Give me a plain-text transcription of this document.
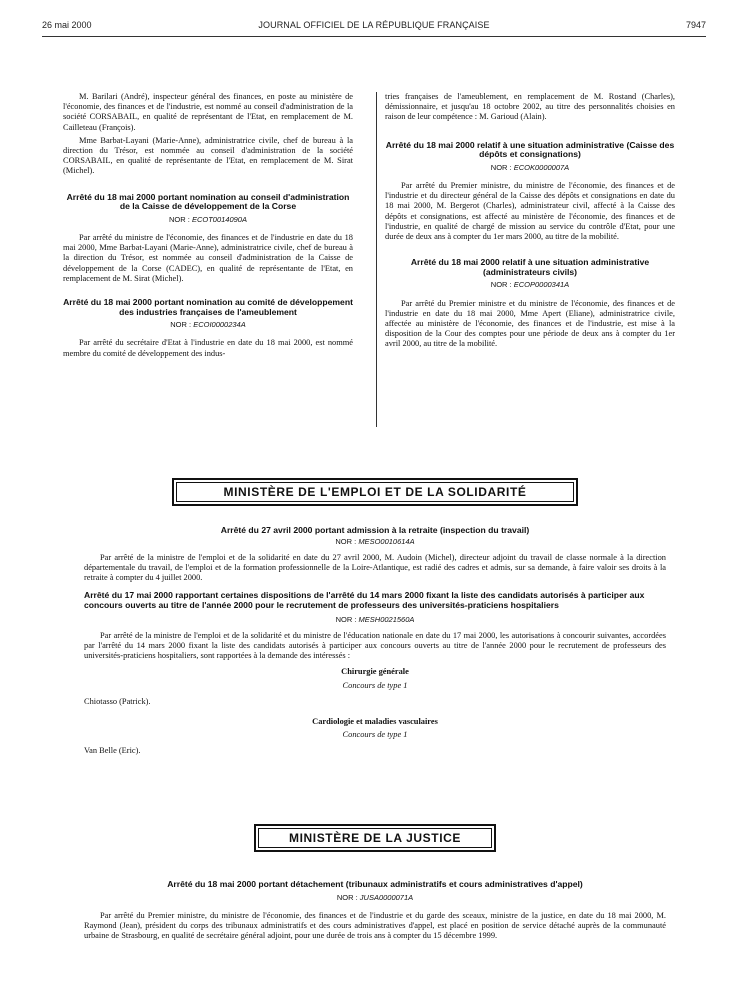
26 mai 2000	JOURNAL OFFICIEL DE LA RÉPUBLIQUE FRANÇAISE	7947

M. Barilari (André), inspecteur général des finances, en poste au ministère de l'économie, des finances et de l'industrie, est nommé au conseil d'administration de la société CORSABAIL, en qualité de représentant de l'Etat, en remplacement de M. Cailleteau (François).

Mme Barbat-Layani (Marie-Anne), administratrice civile, chef de bureau à la direction du Trésor, est nommée au conseil d'administration de la société CORSABAIL, en qualité de représentante de l'Etat, en remplacement de M. Sirat (Michel).

Arrêté du 18 mai 2000 portant nomination au conseil d'administration de la Caisse de développement de la Corse
NOR : ECOT0014090A

Par arrêté du ministre de l'économie, des finances et de l'industrie en date du 18 mai 2000, Mme Barbat-Layani (Marie-Anne), administratrice civile, chef de bureau à la direction du Trésor, est nommée au conseil d'administration de la Caisse de développement de la Corse (CADEC), en qualité de représentante de l'Etat, en remplacement de M. Sirat (Michel).

Arrêté du 18 mai 2000 portant nomination au comité de développement des industries françaises de l'ameublement
NOR : ECOI0000234A

Par arrêté du secrétaire d'Etat à l'industrie en date du 18 mai 2000, est nommé membre du comité de développement des indus-

tries françaises de l'ameublement, en remplacement de M. Rostand (Charles), démissionnaire, et jusqu'au 18 octobre 2002, au titre des personnalités choisies en raison de leur compétence : M. Garioud (Alain).

Arrêté du 18 mai 2000 relatif à une situation administrative (Caisse des dépôts et consignations)
NOR : ECOK0000007A

Par arrêté du Premier ministre, du ministre de l'économie, des finances et de l'industrie et du directeur général de la Caisse des dépôts et consignations en date du 18 mai 2000, M. Bergerot (Charles), administrateur civil, affecté à la Caisse des dépôts et consignations, est affecté au ministère de l'économie, des finances et de l'industrie, en qualité de chargé de mission au service du contrôle d'Etat, pour une durée de deux ans à compter du 1er mars 2000, au titre de la mobilité.

Arrêté du 18 mai 2000 relatif à une situation administrative (administrateurs civils)
NOR : ECOP0000341A

Par arrêté du Premier ministre et du ministre de l'économie, des finances et de l'industrie en date du 18 mai 2000, Mme Apert (Eliane), administratrice civile, affectée au ministère de l'économie, des finances et de l'industrie, est mise à la disposition de la Cour des comptes pour une période de deux ans à compter du 1er avril 2000, au titre de la mobilité.

MINISTÈRE DE L'EMPLOI ET DE LA SOLIDARITÉ
Arrêté du 27 avril 2000 portant admission à la retraite (inspection du travail)
NOR : MESO0010614A

Par arrêté de la ministre de l'emploi et de la solidarité en date du 27 avril 2000, M. Audoin (Michel), directeur adjoint du travail de classe normale à la direction départementale du travail, de l'emploi et de la formation professionnelle de la Loire-Atlantique, est radié des cadres et admis, sur sa demande, à faire valoir ses droits à la retraite à compter du 4 juillet 2000.

Arrêté du 17 mai 2000 rapportant certaines dispositions de l'arrêté du 14 mars 2000 fixant la liste des candidats autorisés à participer aux concours ouverts au titre de l'année 2000 pour le recrutement de professeurs des universités-praticiens hospitaliers
NOR : MESH0021560A

Par arrêté de la ministre de l'emploi et de la solidarité et du ministre de l'éducation nationale en date du 17 mai 2000, les autorisations à concourir suivantes, accordées par l'arrêté du 14 mars 2000 fixant la liste des candidats autorisés à participer aux concours ouverts au titre de l'année 2000 pour le recrutement de professeurs des universités-praticiens hospitaliers, sont rapportées à la demande des intéressés :

Chirurgie générale
Concours de type 1

Chiotasso (Patrick).

Cardiologie et maladies vasculaires
Concours de type 1

Van Belle (Eric).

MINISTÈRE DE LA JUSTICE
Arrêté du 18 mai 2000 portant détachement (tribunaux administratifs et cours administratives d'appel)
NOR : JUSA0000071A

Par arrêté du Premier ministre, du ministre de l'économie, des finances et de l'industrie et du garde des sceaux, ministre de la justice, en date du 18 mai 2000, M. Raymond (Jean), président du corps des tribunaux administratifs et des cours administratives d'appel, est placé en position de service détaché auprès de la communauté urbaine de Strasbourg, en qualité de secrétaire général adjoint, pour une durée de trois ans à compter du 15 décembre 1999.
